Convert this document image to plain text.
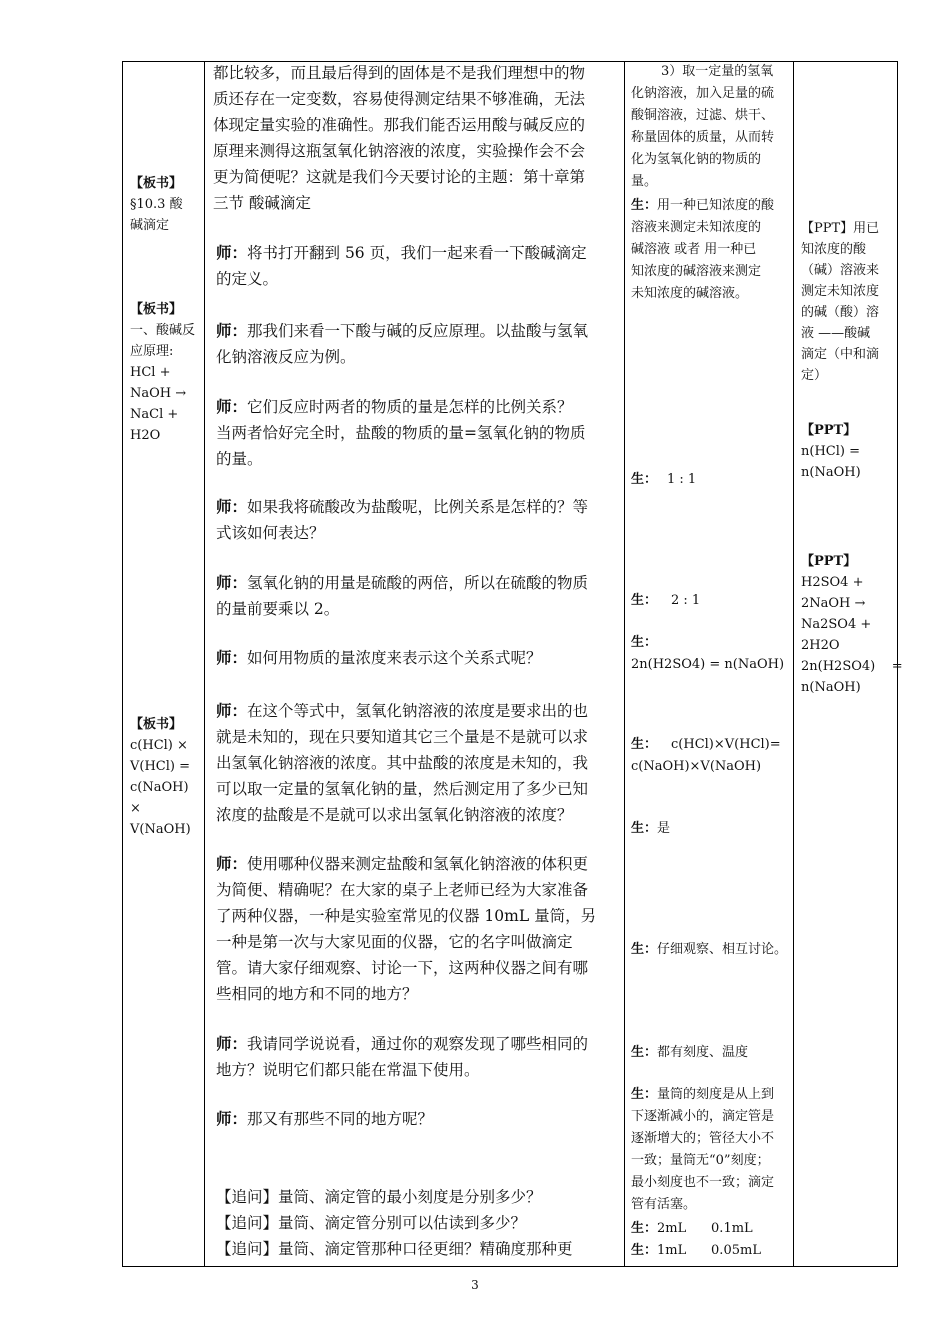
【板书】
§10.3 酸
碱滴定
【板书】
一、酸碱反
应原理:
HCl +
NaOH →
NaCl +
H2O
【板书】
c(HCl) ×
V(HCl) =
c(NaOH)
×
V(NaOH)
都比较多，而且最后得到的固体是不是我们理想中的物
质还存在一定变数，容易使得测定结果不够准确，无法
体现定量实验的准确性。那我们能否运用酸与碱反应的
原理来测得这瓶氢氧化钠溶液的浓度，实验操作会不会
更为简便呢？这就是我们今天要讨论的主题：第十章第
三节 酸碱滴定
师：将书打开翻到 56 页，我们一起来看一下酸碱滴定
的定义。
师：那我们来看一下酸与碱的反应原理。以盐酸与氢氧
化钠溶液反应为例。
师：它们反应时两者的物质的量是怎样的比例关系？
当两者恰好完全时，盐酸的物质的量=氢氧化钠的物质
的量。
师：如果我将硫酸改为盐酸呢，比例关系是怎样的？等
式该如何表达？
师：氢氧化钠的用量是硫酸的两倍，所以在硫酸的物质
的量前要乘以 2。
师：如何用物质的量浓度来表示这个关系式呢？
师：在这个等式中，氢氧化钠溶液的浓度是要求出的也
就是未知的，现在只要知道其它三个量是不是就可以求
出氢氧化钠溶液的浓度。其中盐酸的浓度是未知的，我
可以取一定量的氢氧化钠的量，然后测定用了多少已知
浓度的盐酸是不是就可以求出氢氧化钠溶液的浓度？
师：使用哪种仪器来测定盐酸和氢氧化钠溶液的体积更
为简便、精确呢？在大家的桌子上老师已经为大家准备
了两种仪器，一种是实验室常见的仪器 10mL 量筒，另
一种是第一次与大家见面的仪器，它的名字叫做滴定
管。请大家仔细观察、讨论一下，这两种仪器之间有哪
些相同的地方和不同的地方？
师：我请同学说说看，通过你的观察发现了哪些相同的
地方？说明它们都只能在常温下使用。
师：那又有那些不同的地方呢？
【追问】量筒、滴定管的最小刻度是分别多少？
【追问】量筒、滴定管分别可以估读到多少？
【追问】量筒、滴定管那种口径更细？精确度那种更
3）取一定量的氢氧
化钠溶液，加入足量的硫
酸铜溶液，过滤、烘干、
称量固体的质量，从而转
化为氢氧化钠的物质的
量。
生：用一种已知浓度的酸
溶液来测定未知浓度的
碱溶液 或者 用一种已
知浓度的碱溶液来测定
未知浓度的碱溶液。
生： 1 : 1
生： 2 : 1
生：
2n(H2SO4) = n(NaOH)
生： c(HCl)×V(HCl)=
c(NaOH)×V(NaOH)
生：是
生：仔细观察、相互讨论。
生：都有刻度、温度
生：量筒的刻度是从上到
下逐渐减小的，滴定管是
逐渐增大的；管径大小不
一致；量筒无“0”刻度；
最小刻度也不一致；滴定
管有活塞。
生：2mL      0.1mL
生：1mL      0.05mL
【PPT】用已
知浓度的酸
（碱）溶液来
测定未知浓度
的碱（酸）溶
液 ——酸碱
滴定（中和滴
定）
【PPT】
n(HCl) =
n(NaOH)
【PPT】
H2SO4 +
2NaOH →
Na2SO4 +
2H2O
2n(H2SO4)    =
n(NaOH)
3
